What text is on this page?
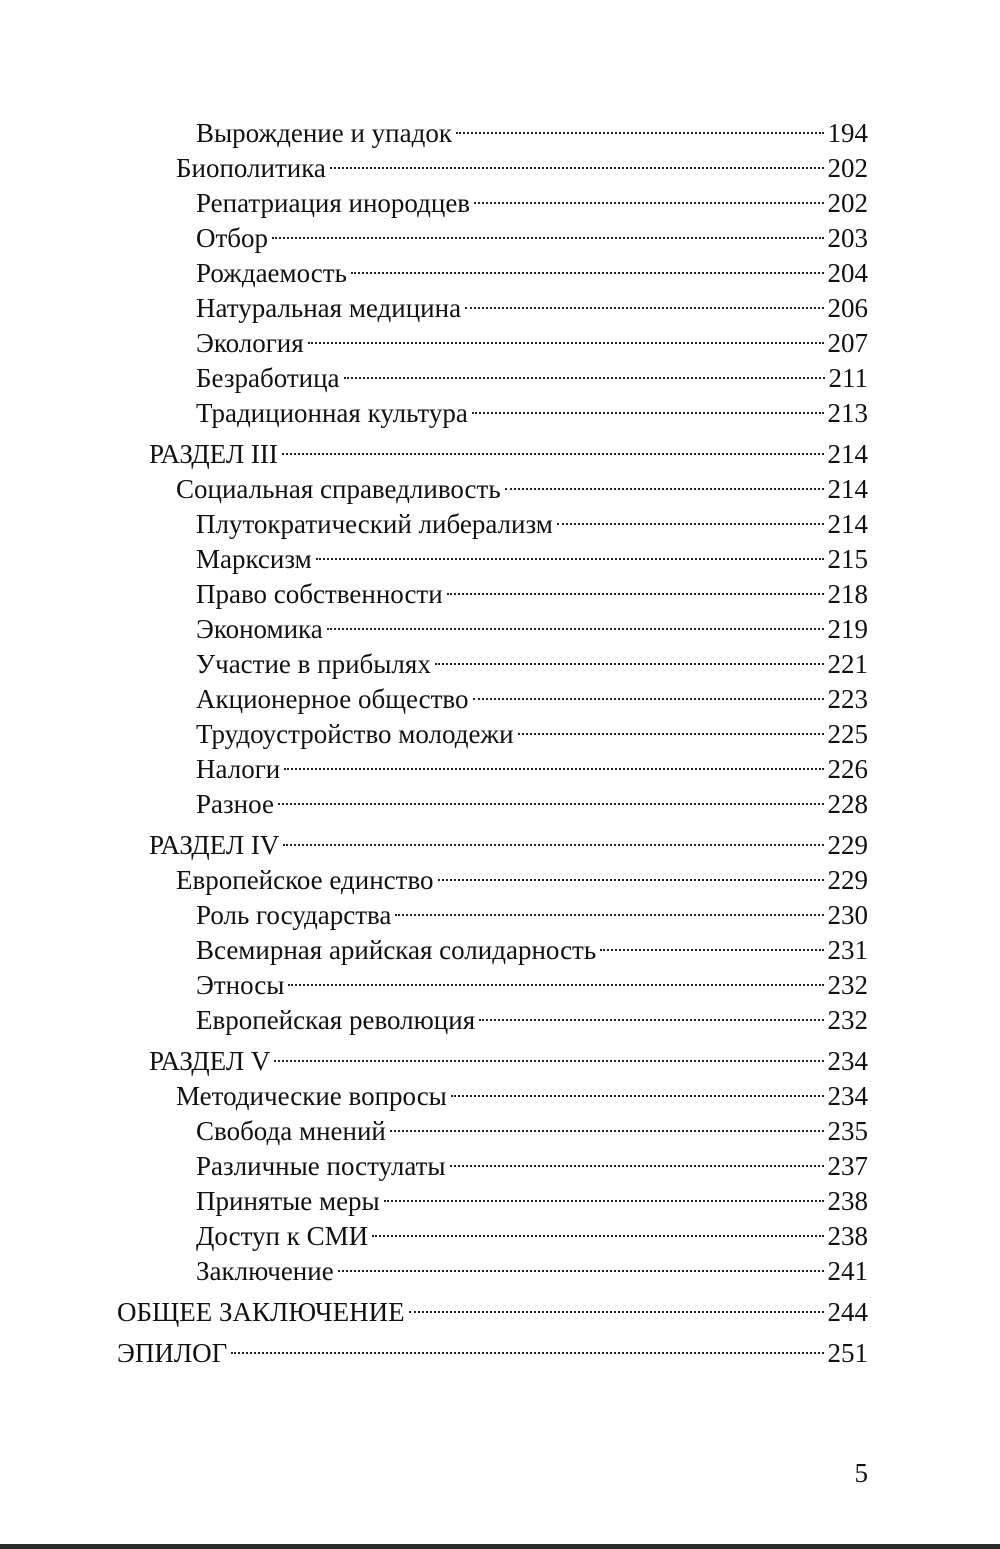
Вырождение и упадок	194
Биополитика	202
Репатриация инородцев	202
Отбор	203
Рождаемость	204
Натуральная медицина	206
Экология	207
Безработица	211
Традиционная культура	213
РАЗДЕЛ III	214
Социальная справедливость	214
Плутократический либерализм	214
Марксизм	215
Право собственности	218
Экономика	219
Участие в прибылях	221
Акционерное общество	223
Трудоустройство молодежи	225
Налоги	226
Разное	228
РАЗДЕЛ IV	229
Европейское единство	229
Роль государства	230
Всемирная арийская солидарность	231
Этносы	232
Европейская революция	232
РАЗДЕЛ V	234
Методические вопросы	234
Свобода мнений	235
Различные постулаты	237
Принятые меры	238
Доступ к СМИ	238
Заключение	241
ОБЩЕЕ ЗАКЛЮЧЕНИЕ	244
ЭПИЛОГ	251
5
